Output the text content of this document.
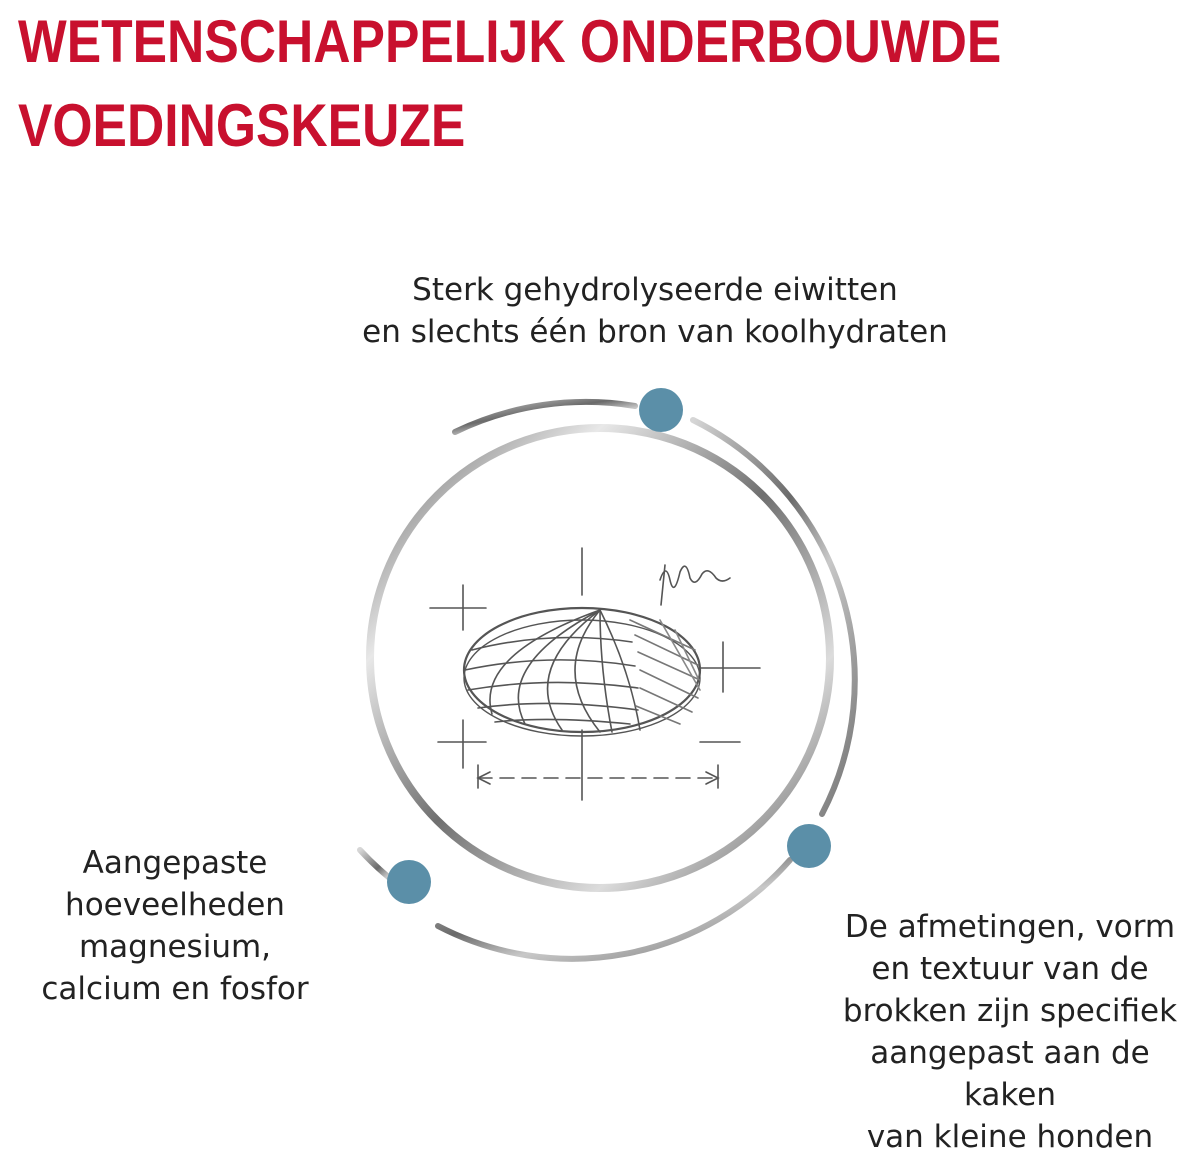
WETENSCHAPPELIJK ONDERBOUWDE
VOEDINGSKEUZE

Sterk gehydrolyseerde eiwitten
en slechts één bron van koolhydraten

Aangepaste
hoeveelheden
magnesium,
calcium en fosfor

De afmetingen, vorm
en textuur van de
brokken zijn specifiek
aangepast aan de
kaken
van kleine honden
